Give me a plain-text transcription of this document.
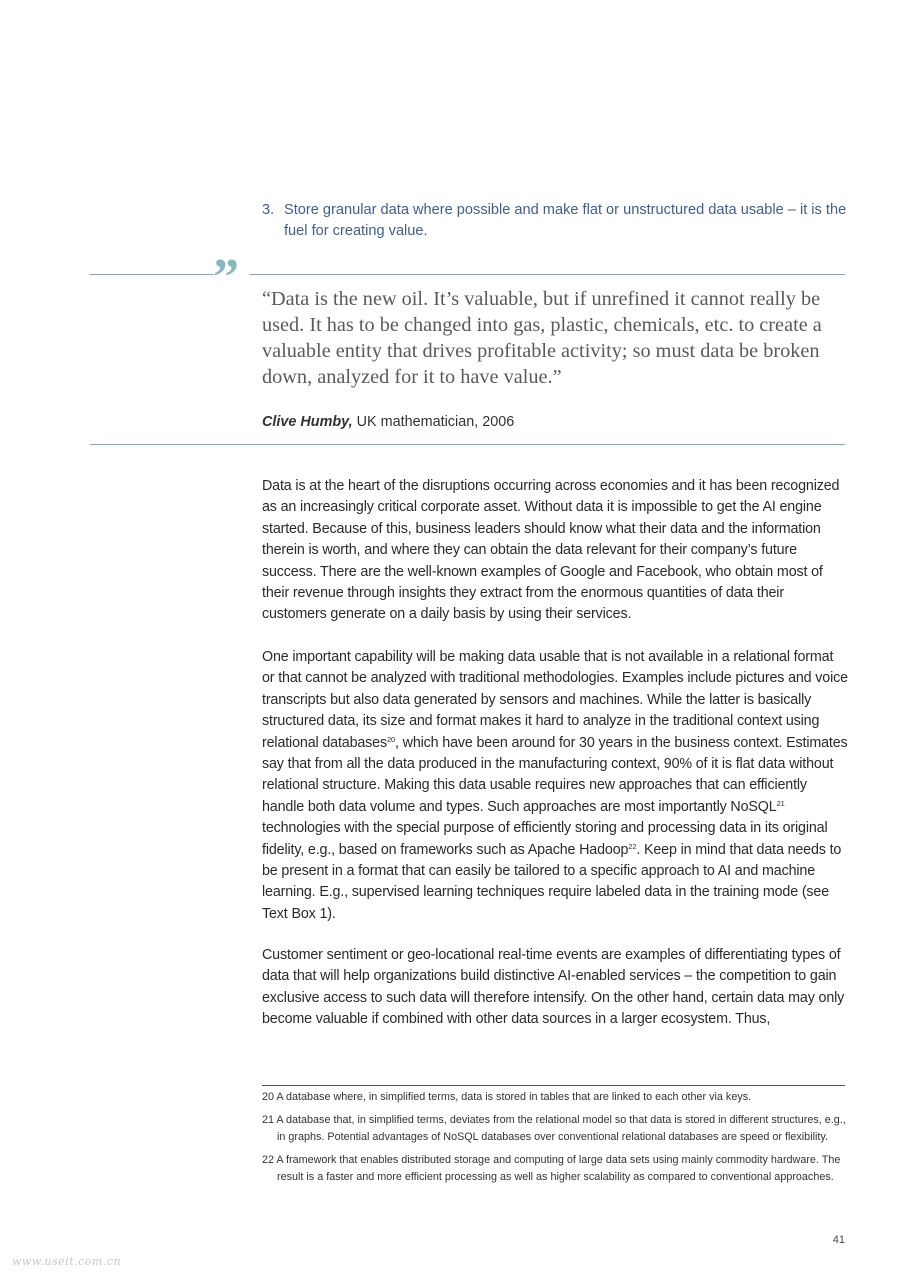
3. Store granular data where possible and make flat or unstructured data usable – it is the fuel for creating value.
” “Data is the new oil. It’s valuable, but if unrefined it cannot really be used. It has to be changed into gas, plastic, chemicals, etc. to create a valuable entity that drives profitable activity; so must data be broken down, analyzed for it to have value.”
Clive Humby, UK mathematician, 2006
Data is at the heart of the disruptions occurring across economies and it has been recognized as an increasingly critical corporate asset. Without data it is impossible to get the AI engine started. Because of this, business leaders should know what their data and the information therein is worth, and where they can obtain the data relevant for their company’s future success. There are the well-known examples of Google and Facebook, who obtain most of their revenue through insights they extract from the enormous quantities of data their customers generate on a daily basis by using their services.
One important capability will be making data usable that is not available in a relational format or that cannot be analyzed with traditional methodologies. Examples include pictures and voice transcripts but also data generated by sensors and machines. While the latter is basically structured data, its size and format makes it hard to analyze in the traditional context using relational databases$^{20}$, which have been around for 30 years in the business context. Estimates say that from all the data produced in the manufacturing context, 90% of it is flat data without relational structure. Making this data usable requires new approaches that can efficiently handle both data volume and types. Such approaches are most importantly NoSQL$^{21}$ technologies with the special purpose of efficiently storing and processing data in its original fidelity, e.g., based on frameworks such as Apache Hadoop$^{22}$. Keep in mind that data needs to be present in a format that can easily be tailored to a specific approach to AI and machine learning. E.g., supervised learning techniques require labeled data in the training mode (see Text Box 1).
Customer sentiment or geo-locational real-time events are examples of differentiating types of data that will help organizations build distinctive AI-enabled services – the competition to gain exclusive access to such data will therefore intensify. On the other hand, certain data may only become valuable if combined with other data sources in a larger ecosystem. Thus,
20 A database where, in simplified terms, data is stored in tables that are linked to each other via keys.
21 A database that, in simplified terms, deviates from the relational model so that data is stored in different structures, e.g., in graphs. Potential advantages of NoSQL databases over conventional relational databases are speed or flexibility.
22 A framework that enables distributed storage and computing of large data sets using mainly commodity hardware. The result is a faster and more efficient processing as well as higher scalability as compared to conventional approaches.
41
www.useit.com.cn
